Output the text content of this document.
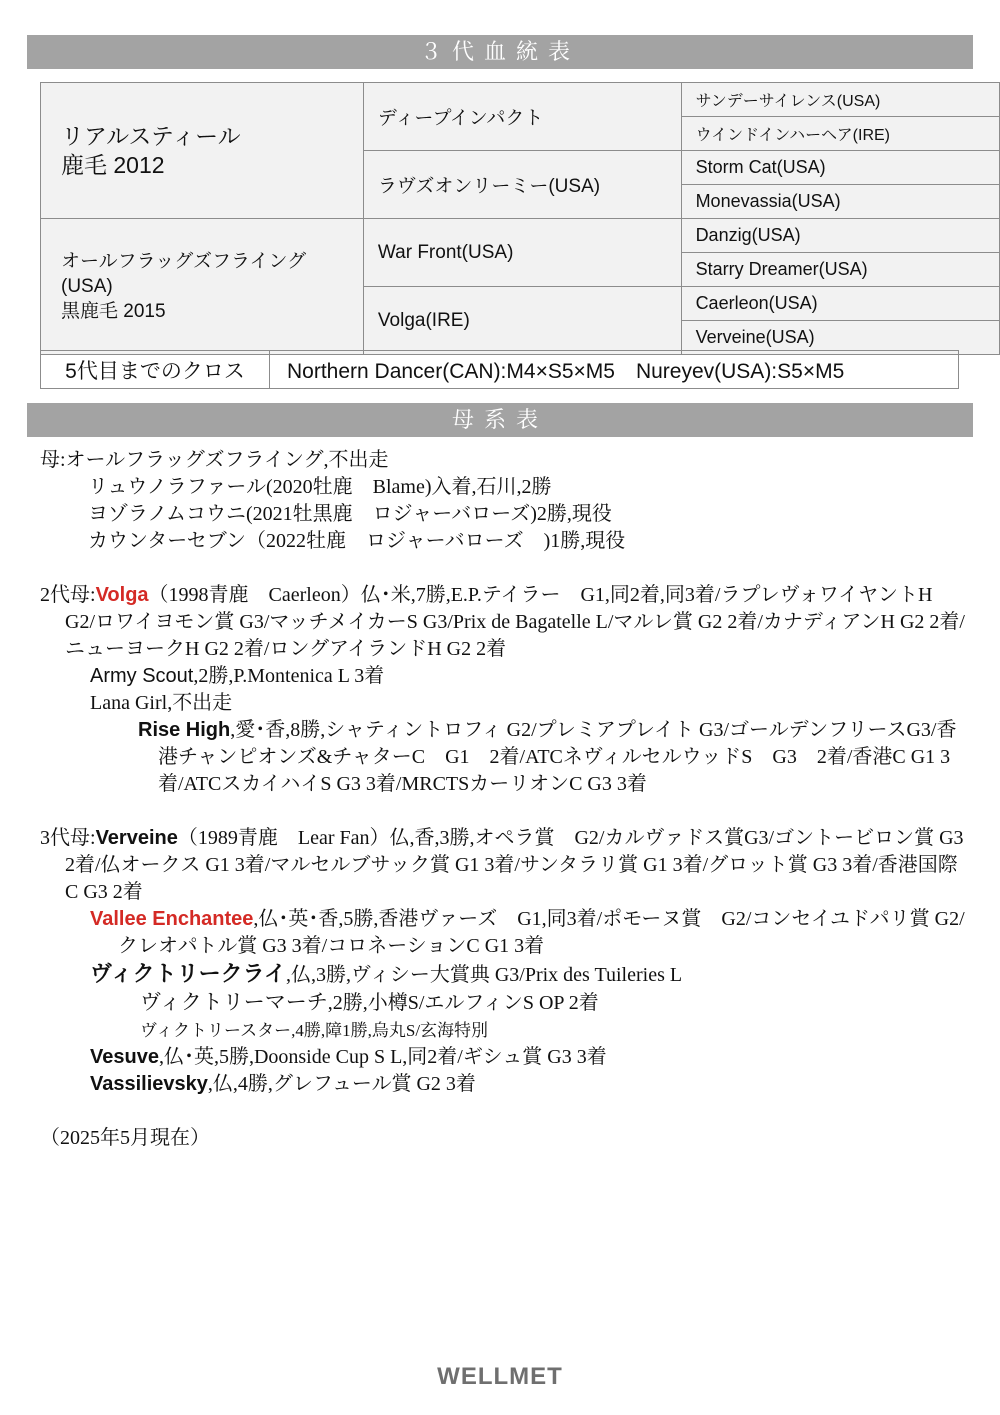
３代血統表
リアルスティール
鹿毛 2012	ディープインパクト	サンデーサイレンス(USA)
		ウインドインハーヘア(IRE)
	ラヴズオンリーミー(USA)	Storm Cat(USA)
		Monevassia(USA)

オールフラッグズフライング
(USA)
黒鹿毛 2015	War Front(USA)	Danzig(USA)
		Starry Dreamer(USA)
	Volga(IRE)	Caerleon(USA)
		Verveine(USA)
5代目までのクロス	Northern Dancer(CAN):M4×S5×M5　Nureyev(USA):S5×M5
母系表
母:オールフラッグズフライング,不出走
リュウノラファール(2020牡鹿　Blame)入着,石川,2勝
ヨゾラノムコウニ(2021牡黒鹿　ロジャーバローズ)2勝,現役
カウンターセブン（2022牡鹿　ロジャーバローズ　)1勝,現役
2代母:Volga（1998青鹿　Caerleon）仏･米,7勝,E.P.テイラー　G1,同2着,同3着/ラプレヴォワイヤントH G2/ロワイヨモン賞 G3/マッチメイカーS G3/Prix de Bagatelle L/マルレ賞 G2 2着/カナディアンH G2 2着/ニューヨークH G2 2着/ロングアイランドH G2 2着
Army Scout,2勝,P.Montenica L 3着
Lana Girl,不出走
Rise High,愛･香,8勝,シャティントロフィ G2/プレミアプレイト G3/ゴールデンフリースG3/香港チャンピオンズ&チャターC　G1　2着/ATCネヴィルセルウッドS　G3　2着/香港C G1 3着/ATCスカイハイS G3 3着/MRCTSカーリオンC G3 3着
3代母:Verveine（1989青鹿　Lear Fan）仏,香,3勝,オペラ賞　G2/カルヴァドス賞G3/ゴントービロン賞 G3 2着/仏オークス G1 3着/マルセルブサック賞 G1 3着/サンタラリ賞 G1 3着/グロット賞 G3 3着/香港国際C G3 2着
Vallee Enchantee,仏･英･香,5勝,香港ヴァーズ　G1,同3着/ポモーヌ賞　G2/コンセイユドパリ賞 G2/クレオパトル賞 G3 3着/コロネーションC G1 3着
ヴィクトリークライ,仏,3勝,ヴィシー大賞典 G3/Prix des Tuileries L
ヴィクトリーマーチ,2勝,小樽S/エルフィンS OP 2着
ヴィクトリースター,4勝,障1勝,烏丸S/玄海特別
Vesuve,仏･英,5勝,Doonside Cup S L,同2着/ギシュ賞 G3 3着
Vassilievsky,仏,4勝,グレフュール賞 G2 3着
（2025年5月現在）
WELLMET
